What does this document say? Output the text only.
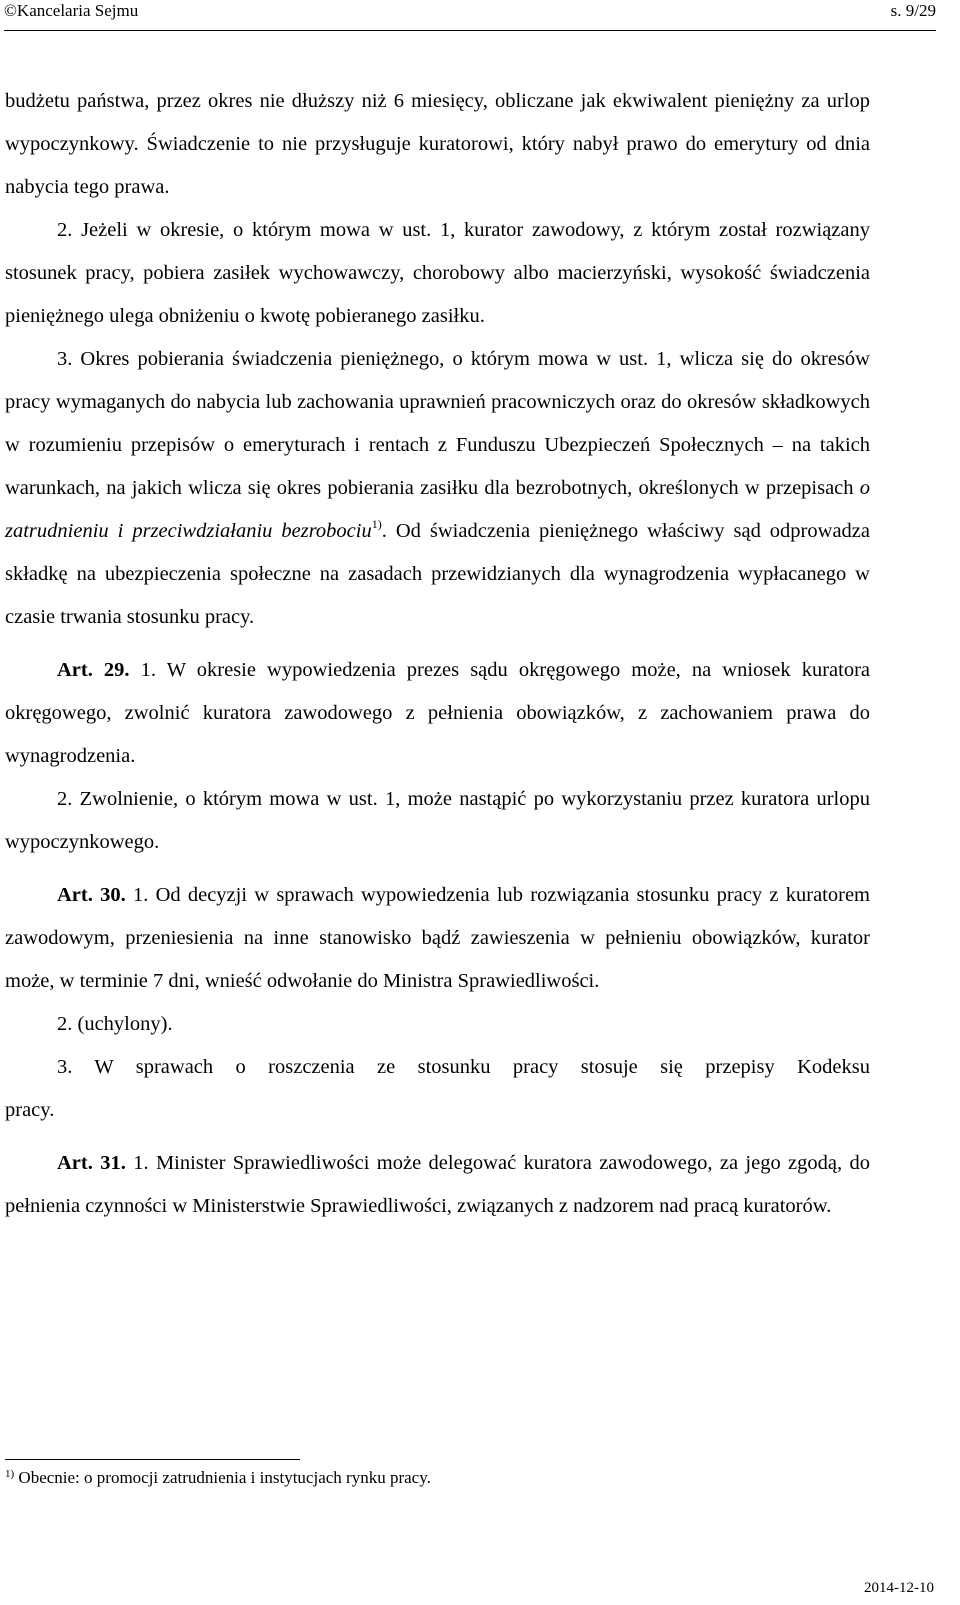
©Kancelaria Sejmu	s. 9/29

budżetu państwa, przez okres nie dłuższy niż 6 miesięcy, obliczane jak ekwiwalent pieniężny za urlop wypoczynkowy. Świadczenie to nie przysługuje kuratorowi, który nabył prawo do emerytury od dnia nabycia tego prawa.

2. Jeżeli w okresie, o którym mowa w ust. 1, kurator zawodowy, z którym został rozwiązany stosunek pracy, pobiera zasiłek wychowawczy, chorobowy albo macierzyński, wysokość świadczenia pieniężnego ulega obniżeniu o kwotę pobieranego zasiłku.

3. Okres pobierania świadczenia pieniężnego, o którym mowa w ust. 1, wlicza się do okresów pracy wymaganych do nabycia lub zachowania uprawnień pracowniczych oraz do okresów składkowych w rozumieniu przepisów o emeryturach i rentach z Funduszu Ubezpieczeń Społecznych – na takich warunkach, na jakich wlicza się okres pobierania zasiłku dla bezrobotnych, określonych w przepisach o zatrudnieniu i przeciwdziałaniu bezrobociu$^{1)}$. Od świadczenia pieniężnego właściwy sąd odprowadza składkę na ubezpieczenia społeczne na zasadach przewidzianych dla wynagrodzenia wypłacanego w czasie trwania stosunku pracy.

Art. 29. 1. W okresie wypowiedzenia prezes sądu okręgowego może, na wniosek kuratora okręgowego, zwolnić kuratora zawodowego z pełnienia obowiązków, z zachowaniem prawa do wynagrodzenia.

2. Zwolnienie, o którym mowa w ust. 1, może nastąpić po wykorzystaniu przez kuratora urlopu wypoczynkowego.

Art. 30. 1. Od decyzji w sprawach wypowiedzenia lub rozwiązania stosunku pracy z kuratorem zawodowym, przeniesienia na inne stanowisko bądź zawieszenia w pełnieniu obowiązków, kurator może, w terminie 7 dni, wnieść odwołanie do Ministra Sprawiedliwości.

2. (uchylony).

3. W sprawach o roszczenia ze stosunku pracy stosuje się przepisy Kodeksu

pracy.

Art. 31. 1. Minister Sprawiedliwości może delegować kuratora zawodowego, za jego zgodą, do pełnienia czynności w Ministerstwie Sprawiedliwości, związanych z nadzorem nad pracą kuratorów.

$^{1)}$ Obecnie: o promocji zatrudnienia i instytucjach rynku pracy.
2014-12-10
